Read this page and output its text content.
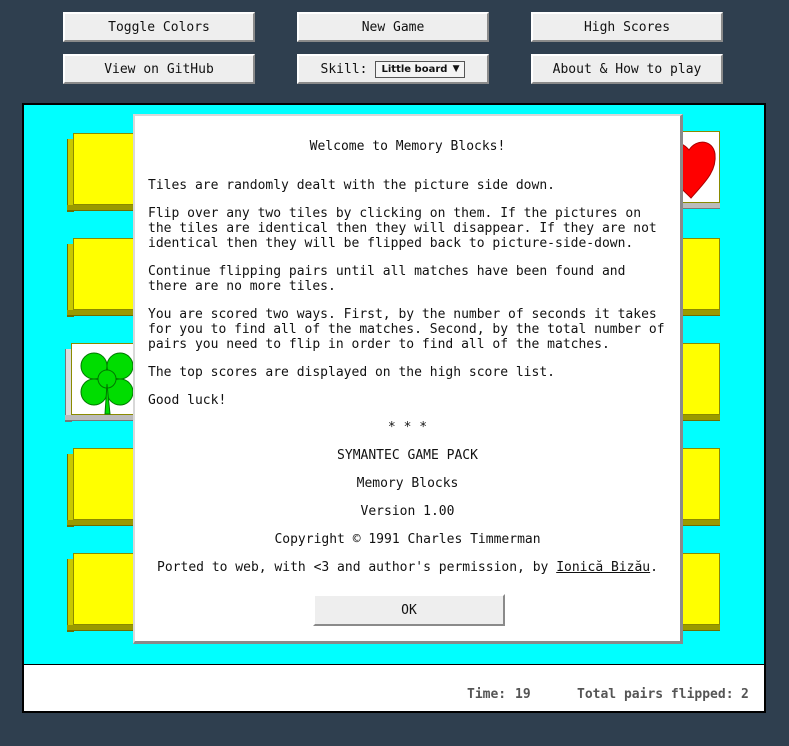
Toggle Colors	New Game	High Scores
View on GitHub	Skill: Little board ▼	About & How to play
Time: 19	Total pairs flipped: 2
Welcome to Memory Blocks!
Tiles are randomly dealt with the picture side down.
Flip over any two tiles by clicking on them. If the pictures on
the tiles are identical then they will disappear. If they are not
identical then they will be flipped back to picture-side-down.
Continue flipping pairs until all matches have been found and
there are no more tiles.
You are scored two ways. First, by the number of seconds it takes
for you to find all of the matches. Second, by the total number of
pairs you need to flip in order to find all of the matches.
The top scores are displayed on the high score list.
Good luck!
* * *
SYMANTEC GAME PACK
Memory Blocks
Version 1.00
Copyright © 1991 Charles Timmerman
Ported to web, with <3 and author's permission, by Ionică Bizău.
OK
